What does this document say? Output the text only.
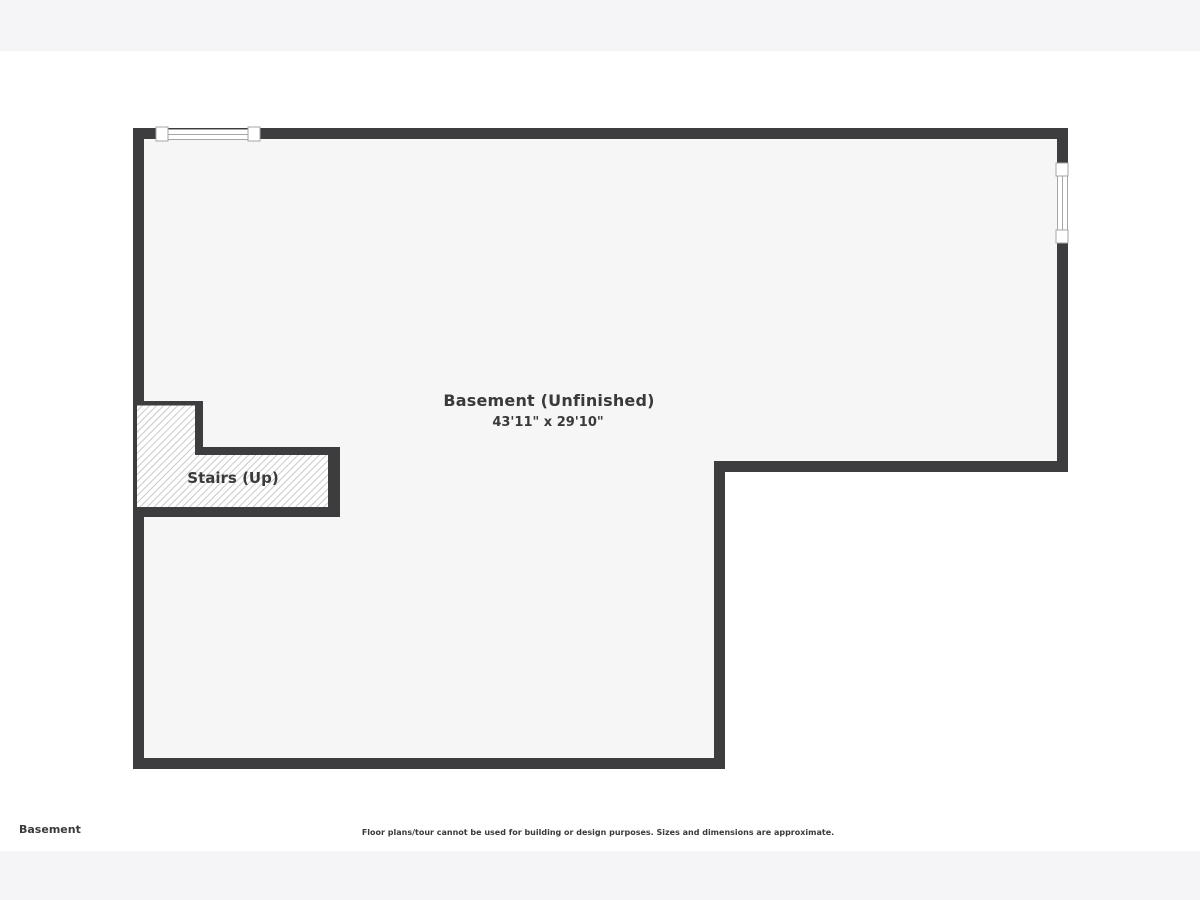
Basement (Unfinished)
43'11" x 29'10"
Stairs (Up)
Basement	Floor plans/tour cannot be used for building or design purposes. Sizes and dimensions are approximate.
